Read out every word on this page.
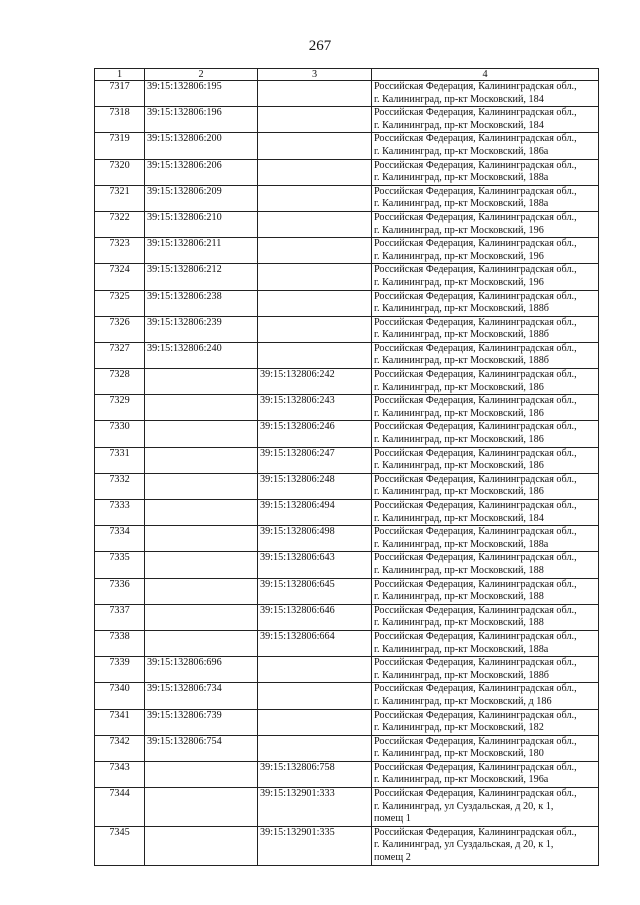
267
1	2	3	4
7317	39:15:132806:195		Российская Федерация, Калининградская обл.,
г. Калининград, пр-кт Московский, 184

7318	39:15:132806:196		Российская Федерация, Калининградская обл.,
г. Калининград, пр-кт Московский, 184

7319	39:15:132806:200		Российская Федерация, Калининградская обл.,
г. Калининград, пр-кт Московский, 186а

7320	39:15:132806:206		Российская Федерация, Калининградская обл.,
г. Калининград, пр-кт Московский, 188а

7321	39:15:132806:209		Российская Федерация, Калининградская обл.,
г. Калининград, пр-кт Московский, 188а

7322	39:15:132806:210		Российская Федерация, Калининградская обл.,
г. Калининград, пр-кт Московский, 196

7323	39:15:132806:211		Российская Федерация, Калининградская обл.,
г. Калининград, пр-кт Московский, 196

7324	39:15:132806:212		Российская Федерация, Калининградская обл.,
г. Калининград, пр-кт Московский, 196

7325	39:15:132806:238		Российская Федерация, Калининградская обл.,
г. Калининград, пр-кт Московский, 188б

7326	39:15:132806:239		Российская Федерация, Калининградская обл.,
г. Калининград, пр-кт Московский, 188б

7327	39:15:132806:240		Российская Федерация, Калининградская обл.,
г. Калининград, пр-кт Московский, 188б

7328		39:15:132806:242	Российская Федерация, Калининградская обл.,
г. Калининград, пр-кт Московский, 186

7329		39:15:132806:243	Российская Федерация, Калининградская обл.,
г. Калининград, пр-кт Московский, 186

7330		39:15:132806:246	Российская Федерация, Калининградская обл.,
г. Калининград, пр-кт Московский, 186

7331		39:15:132806:247	Российская Федерация, Калининградская обл.,
г. Калининград, пр-кт Московский, 186

7332		39:15:132806:248	Российская Федерация, Калининградская обл.,
г. Калининград, пр-кт Московский, 186

7333		39:15:132806:494	Российская Федерация, Калининградская обл.,
г. Калининград, пр-кт Московский, 184

7334		39:15:132806:498	Российская Федерация, Калининградская обл.,
г. Калининград, пр-кт Московский, 188а

7335		39:15:132806:643	Российская Федерация, Калининградская обл.,
г. Калининград, пр-кт Московский, 188

7336		39:15:132806:645	Российская Федерация, Калининградская обл.,
г. Калининград, пр-кт Московский, 188

7337		39:15:132806:646	Российская Федерация, Калининградская обл.,
г. Калининград, пр-кт Московский, 188

7338		39:15:132806:664	Российская Федерация, Калининградская обл.,
г. Калининград, пр-кт Московский, 188а

7339	39:15:132806:696		Российская Федерация, Калининградская обл.,
г. Калининград, пр-кт Московский, 188б

7340	39:15:132806:734		Российская Федерация, Калининградская обл.,
г. Калининград, пр-кт Московский, д 186

7341	39:15:132806:739		Российская Федерация, Калининградская обл.,
г. Калининград, пр-кт Московский, 182

7342	39:15:132806:754		Российская Федерация, Калининградская обл.,
г. Калининград, пр-кт Московский, 180

7343		39:15:132806:758	Российская Федерация, Калининградская обл.,
г. Калининград, пр-кт Московский, 196а

7344		39:15:132901:333	Российская Федерация, Калининградская обл.,
г. Калининград, ул Суздальская, д 20, к 1,
помещ 1

7345		39:15:132901:335	Российская Федерация, Калининградская обл.,
г. Калининград, ул Суздальская, д 20, к 1,
помещ 2
